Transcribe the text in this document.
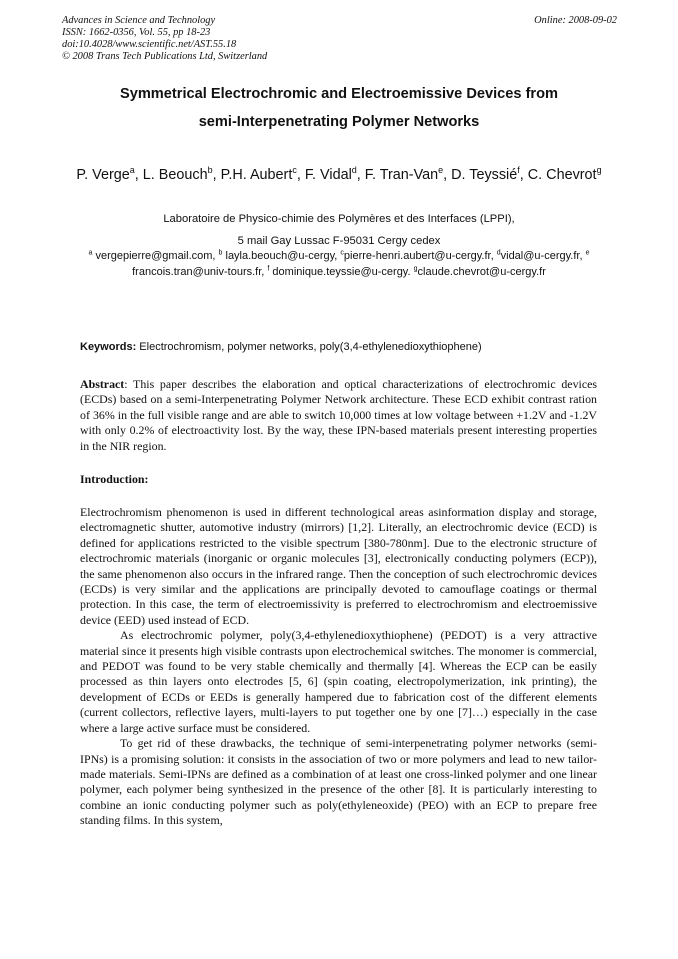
Advances in Science and Technology
ISSN: 1662-0356, Vol. 55, pp 18-23
doi:10.4028/www.scientific.net/AST.55.18
© 2008 Trans Tech Publications Ltd, Switzerland
Online: 2008-09-02
Symmetrical Electrochromic and Electroemissive Devices from
semi-Interpenetrating Polymer Networks
P. Verge$^a$, L. Beouch$^b$, P.H. Aubert$^c$, F. Vidal$^d$, F. Tran-Van$^e$, D. Teyssié$^f$, C. Chevrot$^g$
Laboratoire de Physico-chimie des Polymères et des Interfaces (LPPI),
5 mail Gay Lussac F-95031 Cergy cedex
$^a$ vergepierre@gmail.com, $^b$ layla.beouch@u-cergy, $^c$pierre-henri.aubert@u-cergy.fr, $^d$vidal@u-cergy.fr, $^e$ francois.tran@univ-tours.fr, $^f$ dominique.teyssie@u-cergy. $^g$claude.chevrot@u-cergy.fr
Keywords: Electrochromism, polymer networks, poly(3,4-ethylenedioxythiophene)

Abstract: This paper describes the elaboration and optical characterizations of electrochromic devices (ECDs) based on a semi-Interpenetrating Polymer Network architecture. These ECD exhibit contrast ration of 36% in the full visible range and are able to switch 10,000 times at low voltage between +1.2V and -1.2V with only 0.2% of electroactivity lost. By the way, these IPN-based materials present interesting properties in the NIR region.

Introduction:

Electrochromism phenomenon is used in different technological areas asinformation display and storage, electromagnetic shutter, automotive industry (mirrors) [1,2]. Literally, an electrochromic device (ECD) is defined for applications restricted to the visible spectrum [380-780nm]. Due to the electronic structure of electrochromic materials (inorganic or organic molecules [3], electronically conducting polymers (ECP)), the same phenomenon also occurs in the infrared range. Then the conception of such electrochromic devices (ECDs) is very similar and the applications are principally devoted to camouflage coatings or thermal protection. In this case, the term of electroemissivity is preferred to electrochromism and electroemissive device (EED) used instead of ECD.

As electrochromic polymer, poly(3,4-ethylenedioxythiophene) (PEDOT) is a very attractive material since it presents high visible contrasts upon electrochemical switches. The monomer is commercial, and PEDOT was found to be very stable chemically and thermally [4]. Whereas the ECP can be easily processed as thin layers onto electrodes [5, 6] (spin coating, electropolymerization, ink printing), the development of ECDs or EEDs is generally hampered due to fabrication cost of the different elements (current collectors, reflective layers, multi-layers to put together one by one [7]…) especially in the case where a large active surface must be considered.

To get rid of these drawbacks, the technique of semi-interpenetrating polymer networks (semi-IPNs) is a promising solution: it consists in the association of two or more polymers and lead to new tailor-made materials. Semi-IPNs are defined as a combination of at least one cross-linked polymer and one linear polymer, each polymer being synthesized in the presence of the other [8]. It is particularly interesting to combine an ionic conducting polymer such as poly(ethyleneoxide) (PEO) with an ECP to prepare free standing films. In this system,
